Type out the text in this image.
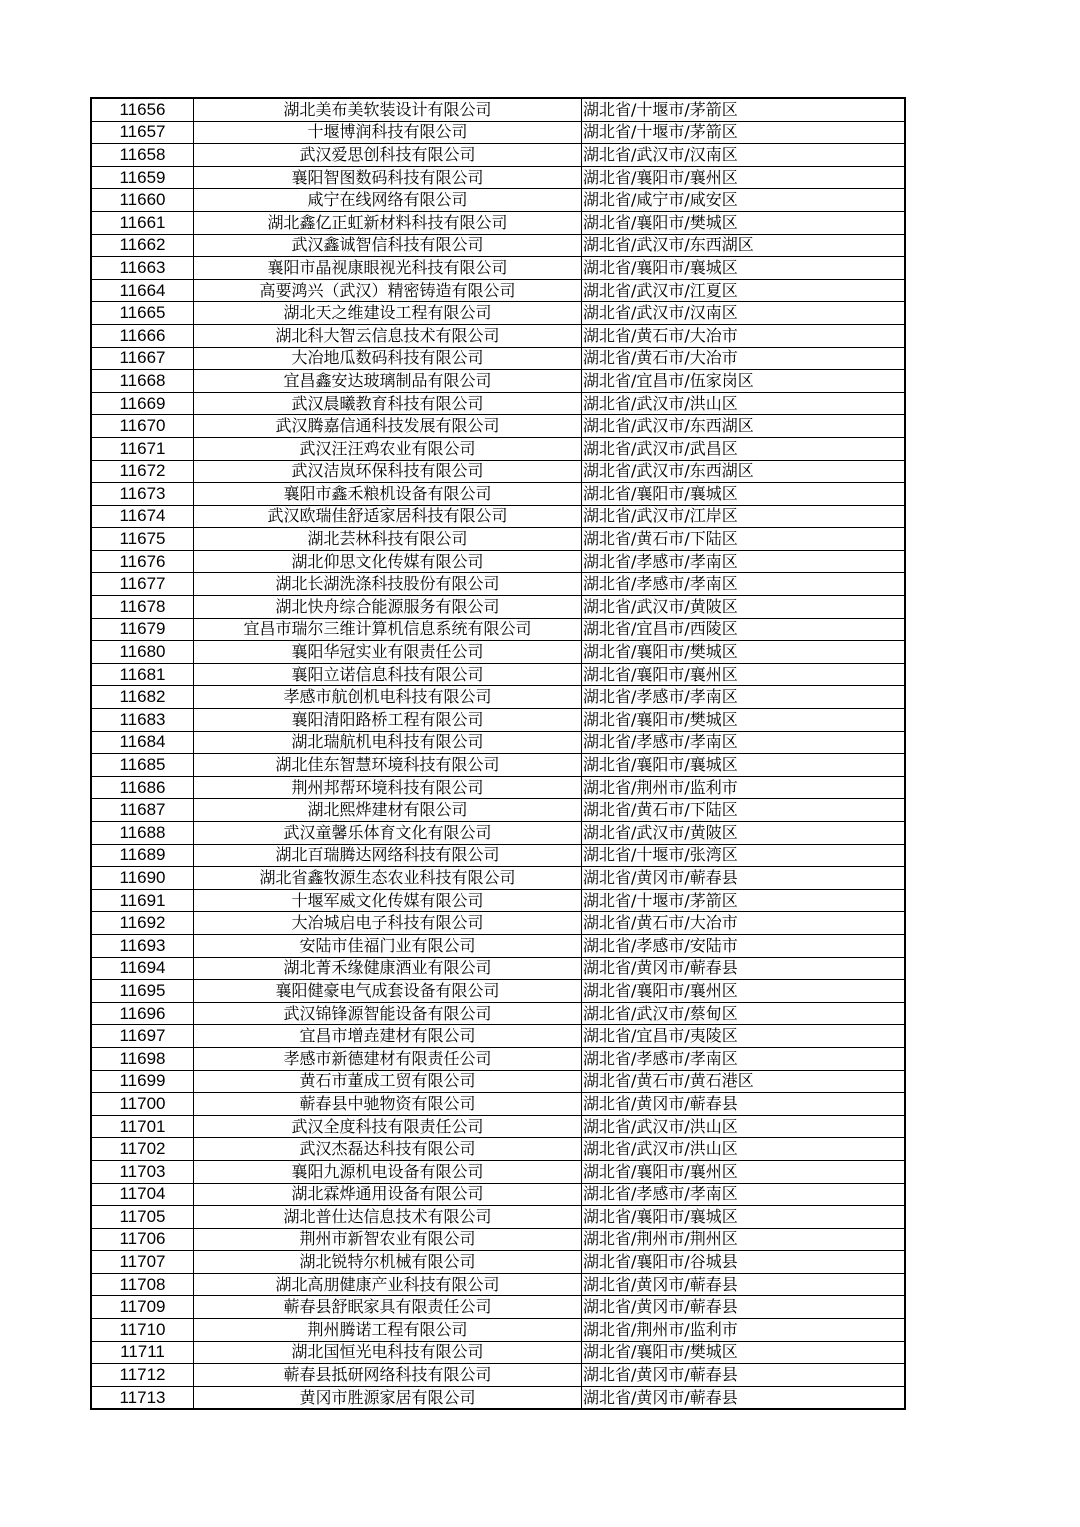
11656	湖北美布美软装设计有限公司	湖北省/十堰市/茅箭区
11657	十堰博润科技有限公司	湖北省/十堰市/茅箭区
11658	武汉爱思创科技有限公司	湖北省/武汉市/汉南区
11659	襄阳智图数码科技有限公司	湖北省/襄阳市/襄州区
11660	咸宁在线网络有限公司	湖北省/咸宁市/咸安区
11661	湖北鑫亿正虹新材料科技有限公司	湖北省/襄阳市/樊城区
11662	武汉鑫诚智信科技有限公司	湖北省/武汉市/东西湖区
11663	襄阳市晶视康眼视光科技有限公司	湖北省/襄阳市/襄城区
11664	高要鸿兴（武汉）精密铸造有限公司	湖北省/武汉市/江夏区
11665	湖北天之维建设工程有限公司	湖北省/武汉市/汉南区
11666	湖北科大智云信息技术有限公司	湖北省/黄石市/大冶市
11667	大冶地瓜数码科技有限公司	湖北省/黄石市/大冶市
11668	宜昌鑫安达玻璃制品有限公司	湖北省/宜昌市/伍家岗区
11669	武汉晨曦教育科技有限公司	湖北省/武汉市/洪山区
11670	武汉腾嘉信通科技发展有限公司	湖北省/武汉市/东西湖区
11671	武汉汪汪鸡农业有限公司	湖北省/武汉市/武昌区
11672	武汉洁岚环保科技有限公司	湖北省/武汉市/东西湖区
11673	襄阳市鑫禾粮机设备有限公司	湖北省/襄阳市/襄城区
11674	武汉欧瑞佳舒适家居科技有限公司	湖北省/武汉市/江岸区
11675	湖北芸林科技有限公司	湖北省/黄石市/下陆区
11676	湖北仰思文化传媒有限公司	湖北省/孝感市/孝南区
11677	湖北长湖洗涤科技股份有限公司	湖北省/孝感市/孝南区
11678	湖北快舟综合能源服务有限公司	湖北省/武汉市/黄陂区
11679	宜昌市瑞尔三维计算机信息系统有限公司	湖北省/宜昌市/西陵区
11680	襄阳华冠实业有限责任公司	湖北省/襄阳市/樊城区
11681	襄阳立诺信息科技有限公司	湖北省/襄阳市/襄州区
11682	孝感市航创机电科技有限公司	湖北省/孝感市/孝南区
11683	襄阳清阳路桥工程有限公司	湖北省/襄阳市/樊城区
11684	湖北瑞航机电科技有限公司	湖北省/孝感市/孝南区
11685	湖北佳东智慧环境科技有限公司	湖北省/襄阳市/襄城区
11686	荆州邦帮环境科技有限公司	湖北省/荆州市/监利市
11687	湖北熙烨建材有限公司	湖北省/黄石市/下陆区
11688	武汉童馨乐体育文化有限公司	湖北省/武汉市/黄陂区
11689	湖北百瑞腾达网络科技有限公司	湖北省/十堰市/张湾区
11690	湖北省鑫牧源生态农业科技有限公司	湖北省/黄冈市/蕲春县
11691	十堰军威文化传媒有限公司	湖北省/十堰市/茅箭区
11692	大冶城启电子科技有限公司	湖北省/黄石市/大冶市
11693	安陆市佳福门业有限公司	湖北省/孝感市/安陆市
11694	湖北菁禾缘健康酒业有限公司	湖北省/黄冈市/蕲春县
11695	襄阳健豪电气成套设备有限公司	湖北省/襄阳市/襄州区
11696	武汉锦锋源智能设备有限公司	湖北省/武汉市/蔡甸区
11697	宜昌市增垚建材有限公司	湖北省/宜昌市/夷陵区
11698	孝感市新德建材有限责任公司	湖北省/孝感市/孝南区
11699	黄石市董成工贸有限公司	湖北省/黄石市/黄石港区
11700	蕲春县中驰物资有限公司	湖北省/黄冈市/蕲春县
11701	武汉全度科技有限责任公司	湖北省/武汉市/洪山区
11702	武汉杰磊达科技有限公司	湖北省/武汉市/洪山区
11703	襄阳九源机电设备有限公司	湖北省/襄阳市/襄州区
11704	湖北霖烨通用设备有限公司	湖北省/孝感市/孝南区
11705	湖北普仕达信息技术有限公司	湖北省/襄阳市/襄城区
11706	荆州市新智农业有限公司	湖北省/荆州市/荆州区
11707	湖北锐特尔机械有限公司	湖北省/襄阳市/谷城县
11708	湖北高朋健康产业科技有限公司	湖北省/黄冈市/蕲春县
11709	蕲春县舒眠家具有限责任公司	湖北省/黄冈市/蕲春县
11710	荆州腾诺工程有限公司	湖北省/荆州市/监利市
11711	湖北国恒光电科技有限公司	湖北省/襄阳市/樊城区
11712	蕲春县抵研网络科技有限公司	湖北省/黄冈市/蕲春县
11713	黄冈市胜源家居有限公司	湖北省/黄冈市/蕲春县
